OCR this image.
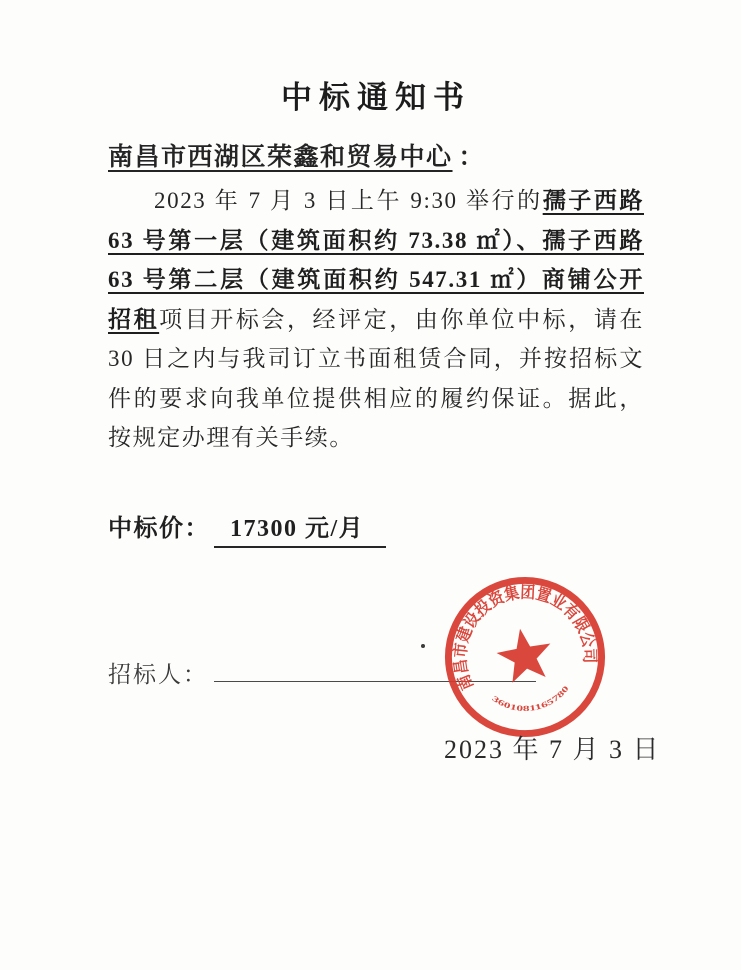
中标通知书
南昌市西湖区荣鑫和贸易中心 ：

2023 年 7 月 3 日上午 9:30 举行的孺子西路 63 号第一层（建筑面积约 73.38 ㎡）、孺子西路 63 号第二层（建筑面积约 547.31 ㎡）商铺公开招租项目开标会，经评定，由你单位中标，请在 30 日之内与我司订立书面租赁合同，并按招标文件的要求向我单位提供相应的履约保证。据此，按规定办理有关手续。

中标价： 17300 元/月
招标人：	南昌市建设投资集团置业有限公司
3601081165780
2023 年 7 月 3 日
